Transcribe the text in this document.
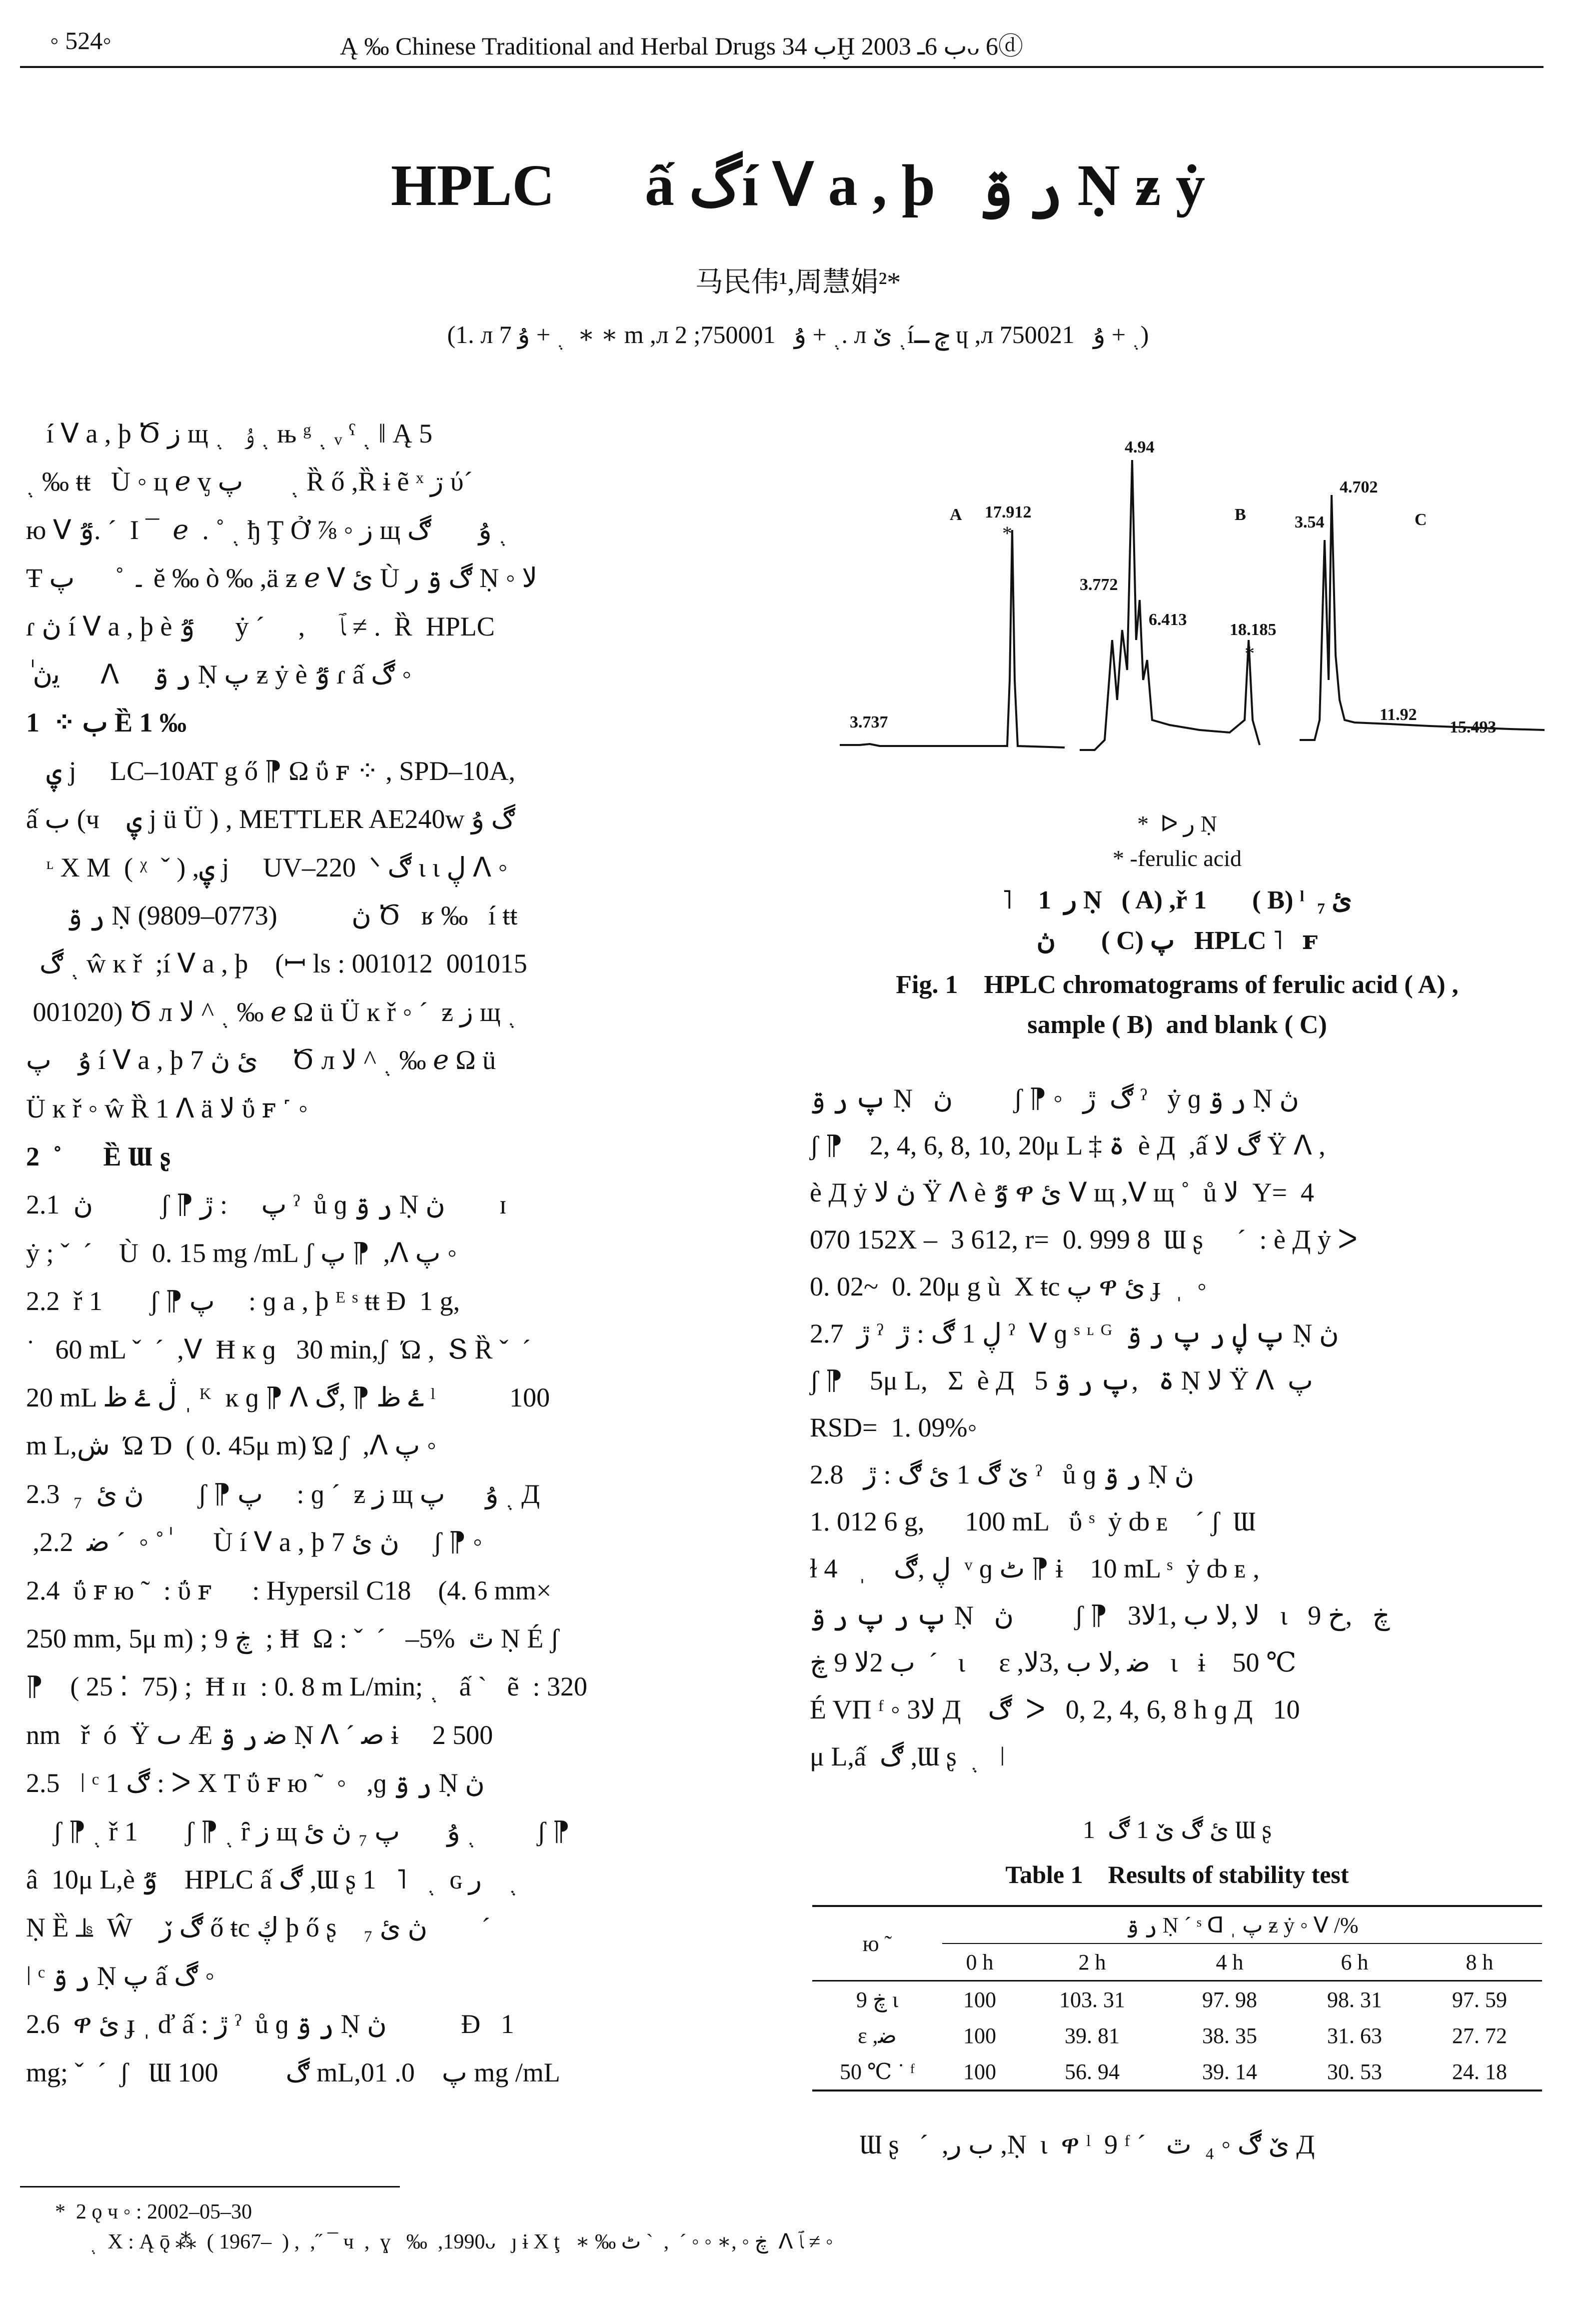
◦ 524◦	Ą ‰ Chinese Traditional and Herbal Drugs ب 34Ḫ ب 6ـ 2003ᴗ 6ⓓ
HPLC ٰ  ấ گí ᐯ a , þ   ر ۊ Ṇ ƶ ẏ
马民伟¹,周慧娟²*
(1. л ﮾ + ۇ 7  ∗ ∗ m ,л ﮾ + ۇ   750001; 2. л ﮾ ێíݼ ـ ɥ ,л ﮾ + ۇ   750021)
í ᐯ a , þ Ծ ز щ ﮾ ۇ   ﮾ њ ᵍ ﮾ ᵥ ˁ ﮾ ǁ Ą 5
﮾ ‰ ŧŧ   Ù ◦ ц ℯ ᶌ ﮾       پ Ȑ ő ,Ȑ ɨ ẽ ˣ ڗ ύ´
ю ᐯ ٷ. ´  Ι ¯  ℯ  . ˚ ﮾ ђ Ţ Ở ⅞ ◦ ز щ ﮾ ۇ       ڰ
Ŧ ۔ ˚      پ ĕ ‰ ò ‰ ,ä ƶ ℯ ᐯ ئ Ù ڰ ۊ ر Ṇ ◦ ﻻ
ɾ ڽ í ᐯ a , þ è ٷ      ẏ ´     ,     ﭑ ≠ .  Ȑ  HPLC
ٰ ﻳڽ      ᐱ     ر ۊ Ṇ پ ƶ ẏ è ٷ ɾ ấ ڰ ◦
1  ⁘ ب Ȅ 1 ‰
ۑ j     LC–10AT g ő ⁋ Ω ΰ ꜰ ⁘ , SPD–10A,
ấ ب (ч    ۑ j ü Ü ) , METTLER AE240w ڰ ۇ
ᶫ X M  ( ᵡ  ˇ ) ,ۑ j     UV–220  ᐠ ڰ ι ι ڸ ᐱ ◦
ر ۊ Ṇ ڽ           (0773–9809) Ծ   ʁ ‰   í ŧŧ
﮾ ڰ ŵ ĸ ř  ;í ᐯ a , þ    (ꟷ ls : 001012  001015
001020) Ծ л ﮾ ^ ﻻ ‰ ℯ Ω ü Ü ĸ ř ◦ ´  ƶ ز щ ﮾
ۇ    پ í ᐯ a , þ 7 ئ ڽ     Ծ л ﮾ ^ ﻻ ‰ ℯ Ω ü
Ü ĸ ř ◦ ŵ Ȑ 1 ᐱ ä ﻻ ΰ ꜰ ˹ ◦
2  ˚ ٰ  Ȅ Ɯ ʂ
2.1  ڽ          ʃ ⁋ پ     : ڙ ˀ  ů ɡ ر ۊ Ṇ ڽ        ɪ
ẏ ; ˇ  ˊ    Ù  0. 15 mg /mL ʃ پ ⁋  ,ᐱ پ ◦
2.2  ř 1       ʃ ⁋ پ     : ɡ a , þ ᴱ ˢ ŧŧ Ɖ  1 g,
˙   60 mL ˇ  ˊ  ,ᐯ  Ħ ĸ ɡ   30 min,ʃ  Ώ ,  Տ Ȑ ˇ  ˊ
20 mL ڷ ۓ ظ ˌ ᴷ  ĸ ɡ ⁋ ᐱ ۓ ظ ⁋ ,ڰ ˡ           100
m L,ش  Ώ Ɗ  ( 0. 45μ m) Ώ ʃ  ,ᐱ پ ◦
2.3  ₇  ڽ ئ        ʃ ⁋ پ     : ɡ ´  ƶ ز щ ﮾ ۇ      پ Д
,ﺿ  2.2 ´  ◦ ˚ ٰ      Ù í ᐯ a , þ 7 ڽ ئ     ʃ ⁋ ◦
2.4  ΰ ꜰ ю ˜  : ΰ ꜰ      : Hypersil C18    (4. 6 mm×
250 mm, 5μ m) ; 9 ڿ  ; Ħ  Ω : ˇ  ˊ   –5%  ٿ Ṇ É ʃ
⁋    ( 25 ⁚  75) ;  Ħ ɪɪ  : 0. 8 m L/min; ﮾   ấ ˋ   ẽ  : 320
nm   ř  ó  Ÿ ٮ Æ ﺿ ر ۊ Ṇ ᐱ ´ ﺻ ɨ     2 500
2.5   ǀ ᶜ 1 ڰ : ᐳ Χ T ΰ ꜰ ю ˜  ◦   ,ɡ ر ۊ Ṇ ڽ
ʃ ⁋ ﮾ ř 1       ʃ ⁋ ﮾ ȓ ز щ ﮾ ۇ       پ ₇ ڽ ئ         ʃ ⁋
â  10μ L,è ٷ    HPLC ấ ڰ ,Ɯ ʂ ﮾   ˥   1  ɢ ﮾    ر
Ṇ Ȅ ⫡  Ŵ    ڰ ڒ ő ŧc ڮ þ ő ʂ    ₇ ڽ ئ        ´
ǀ ᶜ ر ۊ Ṇ پ ấ ڰ ◦
2.6  ዋ ئ ɟ ˌ ď ấ : ڙ ˀ  ů ɡ ر ۊ Ṇ ڽ           Ɖ   1
mg; ˇ  ˊ  ʃ   Ɯ ڰ          100 mL,پ    0. 01 mg /mL
A
3.737
17.912
*
3.772
4.94
6.413
18.185
*
B	C
3.54
4.702
11.92
15.493
*  ᐅ ر Ṇ
* -ferulic acid
˥    1  ر Ṇ   ( A) ,ř 1       ( B) ˡ  ₇ ئ
ڽ       ( C) پ   HPLC ˥   ꜰ
Fig. 1    HPLC chromatograms of ferulic acid ( A) ,
sample ( B)  and blank ( C)
پ ر ۊ Ṇ   ڽ         ʃ ⁋ ◦   ڰ  ڙ ˀ   ẏ ɡ ر ۊ Ṇ ڽ
ʃ ⁋    2, 4, 6, 8, 10, 20μ L ‡ ۃ  è Д  ,ấ ڰ ﻻ Ÿ ᐱ ,
è Д ẏ ڽ ﻻ Ÿ ᐱ è ٷ ዋ ئ ᐯ щ ,ᐯ щ ˚  ů ﻻ  Y=  4
070 152X –  3 612, r=  0. 999 8  Ɯ ʂ     ´  : è Д ẏ ᐳ
0. 02~  0. 20μ g ù  Χ ŧc پ ዋ ئ ɟ  ˌ  ◦
2.7  ڙ ˀ  ڸ 1 ڰ : ڙ ˀ  ᐯ ɡ ˢ ᶫ ᴳ  پ ڸ ر پ ر ۊ Ṇ ڽ
ʃ ⁋    5μ L,   Σ  è Д   5 ۃ   ,پ ر ۊ Ṇ ﻻ Ÿ ᐱ  پ
RSD=  1. 09%◦
2.8   ێ ڰ 1 ئ ڰ : ڙ ˀ   ů ɡ ر ۊ Ṇ ڽ
1. 012 6 g,      100 mL   ΰ ˢ  ẏ ȸ ᴇ    ˊ ʃ  Ɯ
ɫ 4   ˌ    ڸ ,ڰ  ᵛ ɡ ٹ ⁋ ɨ    10 mL ˢ  ẏ ȸ ᴇ ,
پ ر پ ر ۊ Ṇ   ڽ         ʃ ⁋   3ﻻ ,ﻻ ب ,1ﻻ   ι   9 ڿ   ,خ
ب 2ﻻ 9 ڿ  ´   ι     ɛ ,ﺿ ,ﻻ ب ,3ﻻ   ι   ɨ    50 ℃
É VΠ ᶠ ◦ 3ﻻ Д    ڰ  ᐳ   0, 2, 4, 6, 8 h ɡ Д   10
μ L,ấ  ڰ ,Ɯ ʂ  ﮾   ǀ
1  ئ ڰ ێ 1 ڰ Ɯ ʂ
Table 1    Results of stability test
ю ˜	ر ۊ Ṇ ´ ˢ ᗡ ˌ پ ƶ ẏ ◦ ᐯ /%				
	0 h	2 h	4 h	6 h	8 h
9 ڿ ι	100	103. 31	97. 98	98. 31	97. 59
ɛ ,ﺿ	100	39. 81	38. 35	31. 63	27. 72
50 ℃ ˙ ᶠ	100	56. 94	39. 14	30. 53	24. 18
Ɯ ʂ   ´  ,ب ر ,Ṇ  ι  ዋ ˡ  9 ᶠ ´   ێ ڰ ◦ ₄  ٿ Д
*  2 ǫ ч ◦ : 2002–05–30
﮾  Χ : Ą ǭ ⁂  ( 1967–  ) ,  ,˝ ¯ ч  ,  ɣ   ‰  ,1990ᴗ   ȷ ɨ Χ ţ   ∗ ‰ ڿ ◦ ,∗ ◦ ◦ ˊ  ,  ˋ ٹ  ᐱ ﭑ ≠ ◦
